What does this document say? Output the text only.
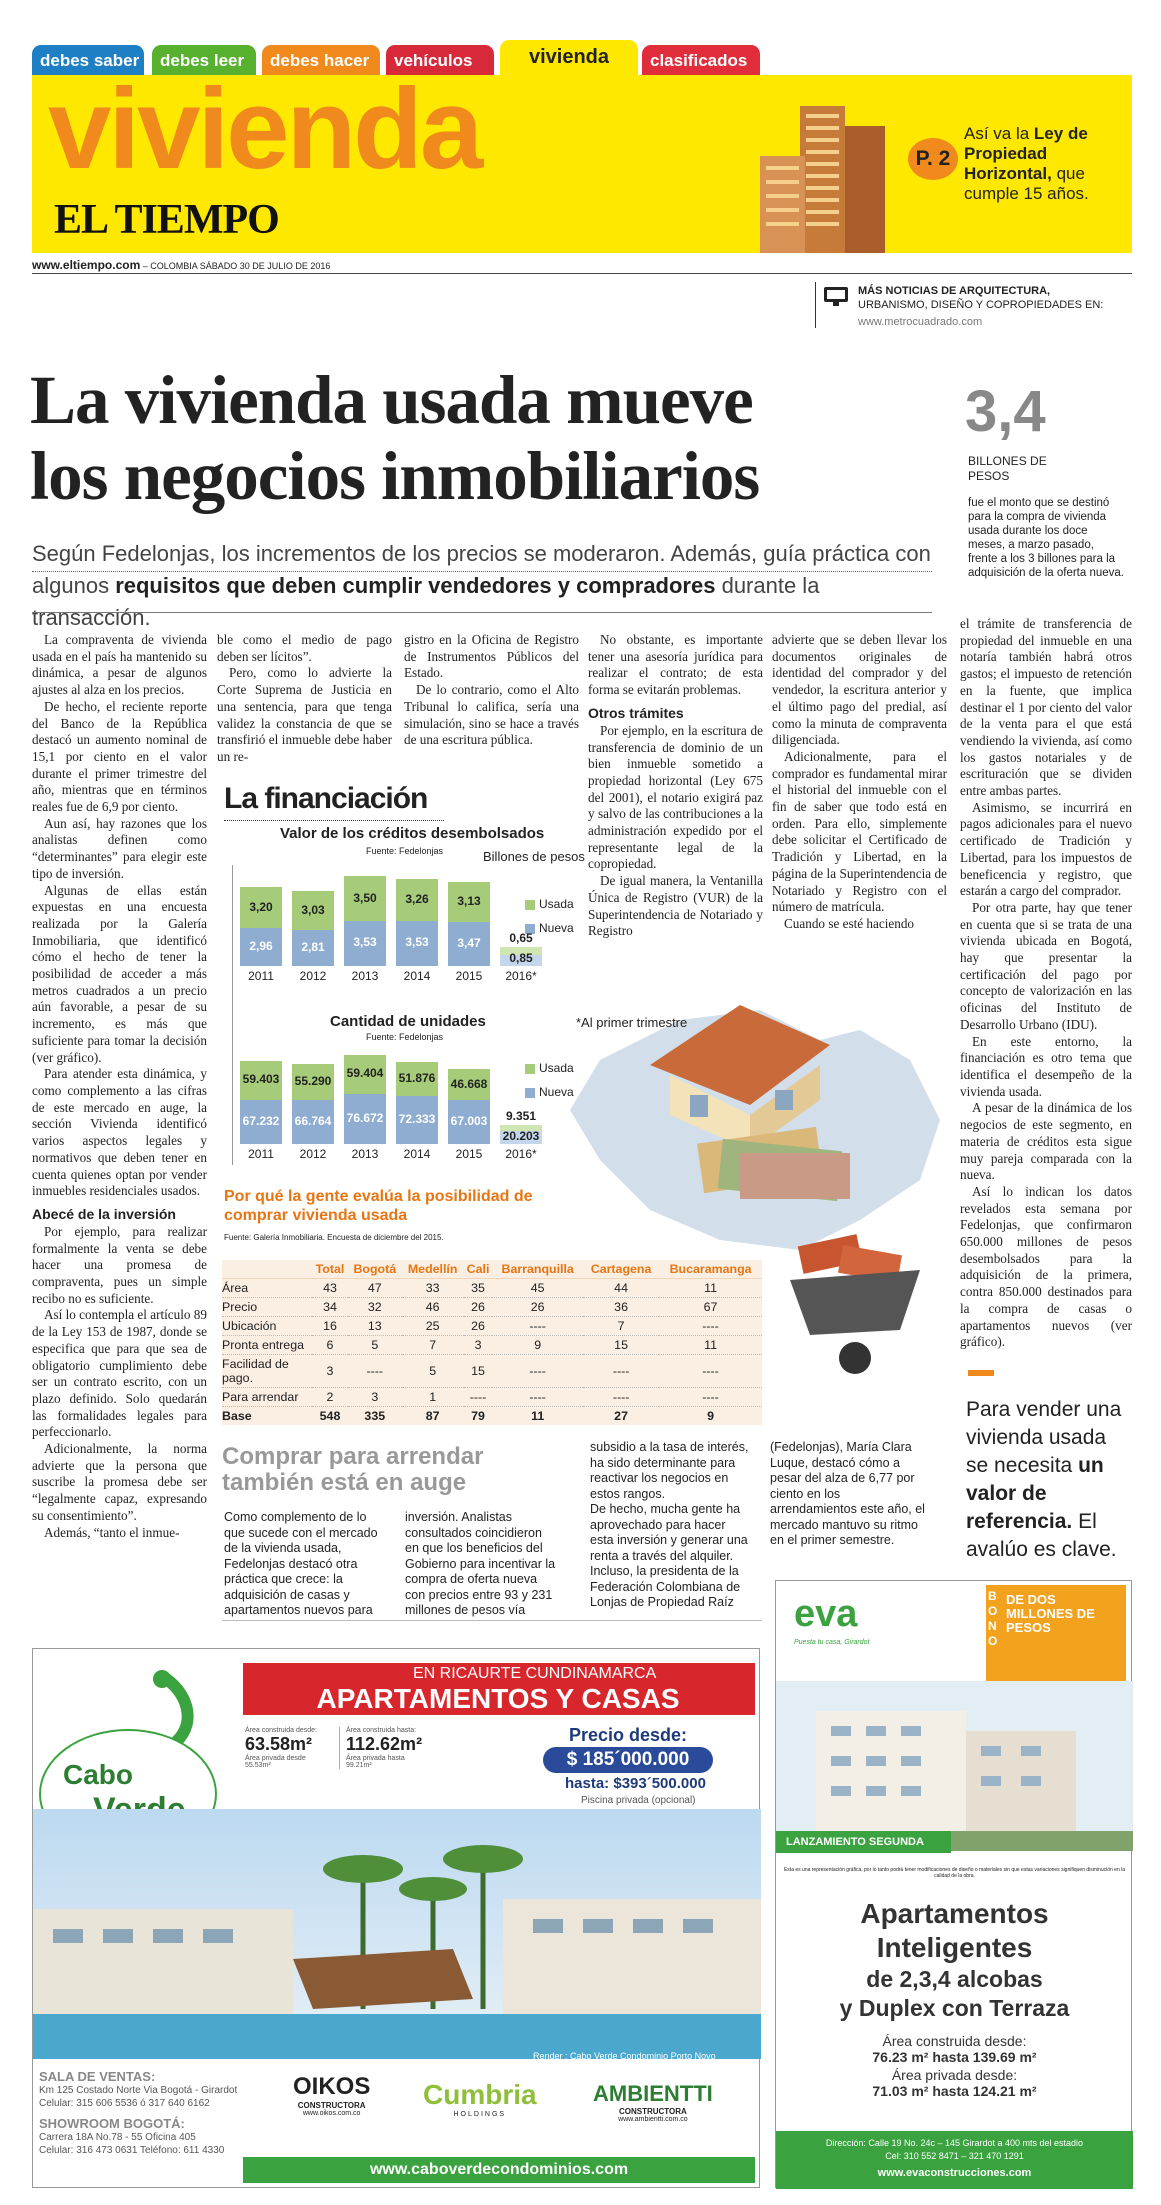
debes saber	debes leer	debes hacer	vehículos	vivienda	clasificados
vivienda
EL TIEMPO
P. 2
Así va la Ley de Propiedad Horizontal, que cumple 15 años.
www.eltiempo.com – COLOMBIA SÁBADO 30 DE JULIO DE 2016
MÁS NOTICIAS DE ARQUITECTURA,
URBANISMO, DISEÑO Y COPROPIEDADES EN:
www.metrocuadrado.com
La vivienda usada mueve
los negocios inmobiliarios
Según Fedelonjas, los incrementos de los precios se moderaron. Además, guía práctica con algunos requisitos que deben cumplir vendedores y compradores durante la transacción.
3,4
BILLONES DE PESOS
fue el monto que se destinó para la compra de vivienda usada durante los doce meses, a marzo pasado, frente a los 3 billones para la adquisición de la oferta nueva.

La compraventa de vivienda usada en el país ha mantenido su dinámica, a pesar de algunos ajustes al alza en los precios.

De hecho, el reciente reporte del Banco de la República destacó un aumento nominal de 15,1 por ciento en el valor durante el primer trimestre del año, mientras que en términos reales fue de 6,9 por ciento.

Aun así, hay razones que los analistas definen como “determinantes” para elegir este tipo de inversión.

Algunas de ellas están expuestas en una encuesta realizada por la Galería Inmobiliaria, que identificó cómo el hecho de tener la posibilidad de acceder a más metros cuadrados a un precio aún favorable, a pesar de su incremento, es más que suficiente para tomar la decisión (ver gráfico).

Para atender esta dinámica, y como complemento a las cifras de este mercado en auge, la sección Vivienda identificó varios aspectos legales y normativos que deben tener en cuenta quienes optan por vender inmuebles residenciales usados.

Abecé de la inversión

Por ejemplo, para realizar formalmente la venta se debe hacer una promesa de compraventa, pues un simple recibo no es suficiente.

Así lo contempla el artículo 89 de la Ley 153 de 1987, donde se especifica que para que sea de obligatorio cumplimiento debe ser un contrato escrito, con un plazo definido. Solo quedarán las formalidades legales para perfeccionarlo.

Adicionalmente, la norma advierte que la persona que suscribe la promesa debe ser “legalmente capaz, expresando su consentimiento”.

Además, “tanto el inmue-

ble como el medio de pago deben ser lícitos”.

Pero, como lo advierte la Corte Suprema de Justicia en una sentencia, para que tenga validez la constancia de que se transfirió el inmueble debe haber un re-

gistro en la Oficina de Registro de Instrumentos Públicos del Estado.

De lo contrario, como el Alto Tribunal lo califica, sería una simulación, sino se hace a través de una escritura pública.

No obstante, es importante tener una asesoría jurídica para realizar el contrato; de esta forma se evitarán problemas.

Otros trámites

Por ejemplo, en la escritura de transferencia de dominio de un bien inmueble sometido a propiedad horizontal (Ley 675 del 2001), el notario exigirá paz y salvo de las contribuciones a la administración expedido por el representante legal de la copropiedad.

De igual manera, la Ventanilla Única de Registro (VUR) de la Superintendencia de Notariado y Registro

advierte que se deben llevar los documentos originales de identidad del comprador y del vendedor, la escritura anterior y el último pago del predial, así como la minuta de compraventa diligenciada.

Adicionalmente, para el comprador es fundamental mirar el historial del inmueble con el fin de saber que todo está en orden. Para ello, simplemente debe solicitar el Certificado de Tradición y Libertad, en la página de la Superintendencia de Notariado y Registro con el número de matrícula.

Cuando se esté haciendo

el trámite de transferencia de propiedad del inmueble en una notaría también habrá otros gastos; el impuesto de retención en la fuente, que implica destinar el 1 por ciento del valor de la venta para el que está vendiendo la vivienda, así como los gastos notariales y de escrituración que se dividen entre ambas partes.

Asimismo, se incurrirá en pagos adicionales para el nuevo certificado de Tradición y Libertad, para los impuestos de beneficencia y registro, que estarán a cargo del comprador.

Por otra parte, hay que tener en cuenta que si se trata de una vivienda ubicada en Bogotá, hay que presentar la certificación del pago por concepto de valorización en las oficinas del Instituto de Desarrollo Urbano (IDU).

En este entorno, la financiación es otro tema que identifica el desempeño de la vivienda usada.

A pesar de la dinámica de los negocios de este segmento, en materia de créditos esta sigue muy pareja comparada con la nueva.

Así lo indican los datos revelados esta semana por Fedelonjas, que confirmaron 650.000 millones de pesos desembolsados para la adquisición de la primera, contra 850.000 destinados para la compra de casas o apartamentos nuevos (ver gráfico).

Para vender una vivienda usada se necesita un valor de referencia. El avalúo es clave.
La financiación
Valor de los créditos desembolsados
Fuente: Fedelonjas	Billones de pesos
Usada
Nueva
2,96
3,20
2011
2,81
3,03
2012
3,53
3,50
2013
3,53
3,26
2014
3,47
3,13
2015
0,85
0,65
2016*
Cantidad de unidades
Fuente: Fedelonjas
*Al primer trimestre
Usada
Nueva
67.232
59.403
2011
66.764
55.290
2012
76.672
59.404
2013
72.333
51.876
2014
67.003
46.668
2015
20.203
9.351
2016*
Por qué la gente evalúa la posibilidad de comprar vivienda usada
Fuente: Galería Inmobiliaria. Encuesta de diciembre del 2015.
	Total	Bogotá	Medellín	Cali	Barranquilla	Cartagena	Bucaramanga
Área	43	47	33	35	45	44	11
Precio	34	32	46	26	26	36	67
Ubicación	16	13	25	26	----	7	----
Pronta entrega	6	5	7	3	9	15	11
Facilidad de pago.	3	----	5	15	----	----	----
Para arrendar	2	3	1	----	----	----	----
Base	548	335	87	79	11	27	9
Comprar para arrendar también está en auge
Como complemento de lo que sucede con el mercado de la vivienda usada, Fedelonjas destacó otra práctica que crece: la adquisición de casas y apartamentos nuevos para
inversión. Analistas consultados coincidieron en que los beneficios del Gobierno para incentivar la compra de oferta nueva con precios entre 93 y 231 millones de pesos vía
subsidio a la tasa de interés, ha sido determinante para reactivar los negocios en estos rangos.
De hecho, mucha gente ha aprovechado para hacer esta inversión y generar una renta a través del alquiler.
Incluso, la presidenta de la Federación Colombiana de Lonjas de Propiedad Raíz
(Fedelonjas), María Clara Luque, destacó cómo a pesar del alza de 6,77 por ciento en los arrendamientos este año, el mercado mantuvo su ritmo en el primer semestre.
EN RICAURTE CUNDINAMARCA
APARTAMENTOS Y CASAS
Cabo
Área construida desde:
63.58m²
Área privada desde 55.53m²
Área construida hasta:
112.62m²
Área privada hasta 99.21m²
Precio desde:
$ 185´000.000
hasta: $393´500.000
Piscina privada (opcional)
Render : Cabo Verde Condominio Porto Novo
SALA DE VENTAS:
Km 125 Costado Norte Via Bogotá - Girardot
Celular: 315 606 5536 ó 317 640 6162
SHOWROOM BOGOTÁ:
Carrera 18A No.78 - 55 Oficina 405
Celular: 316 473 0631 Teléfono: 611 4330
OIKOS
CONSTRUCTORA
www.oikos.com.co
Cumbria
HOLDINGS
AMBIENTTI
CONSTRUCTORA
www.ambientti.com.co
www.caboverdecondominios.com
eva
Puesta tu casa, Girardot
BONO
DE DOS MILLONES DE PESOS
LANZAMIENTO SEGUNDA ETAPA
Esta es una representación gráfica, por lo tanto podrá tener modificaciones de diseño o materiales sin que estas variaciones signifiquen disminución en la calidad de la obra.
Apartamentos
Inteligentes
de 2,3,4 alcobas
y Duplex con Terraza
Área construida desde:
76.23 m² hasta 139.69 m²
Área privada desde:
71.03 m² hasta 124.21 m²
Dirección: Calle 19 No. 24c – 145 Girardot a 400 mts del estadio
Cel: 310 552 8471 – 321 470 1291
www.evaconstrucciones.com
